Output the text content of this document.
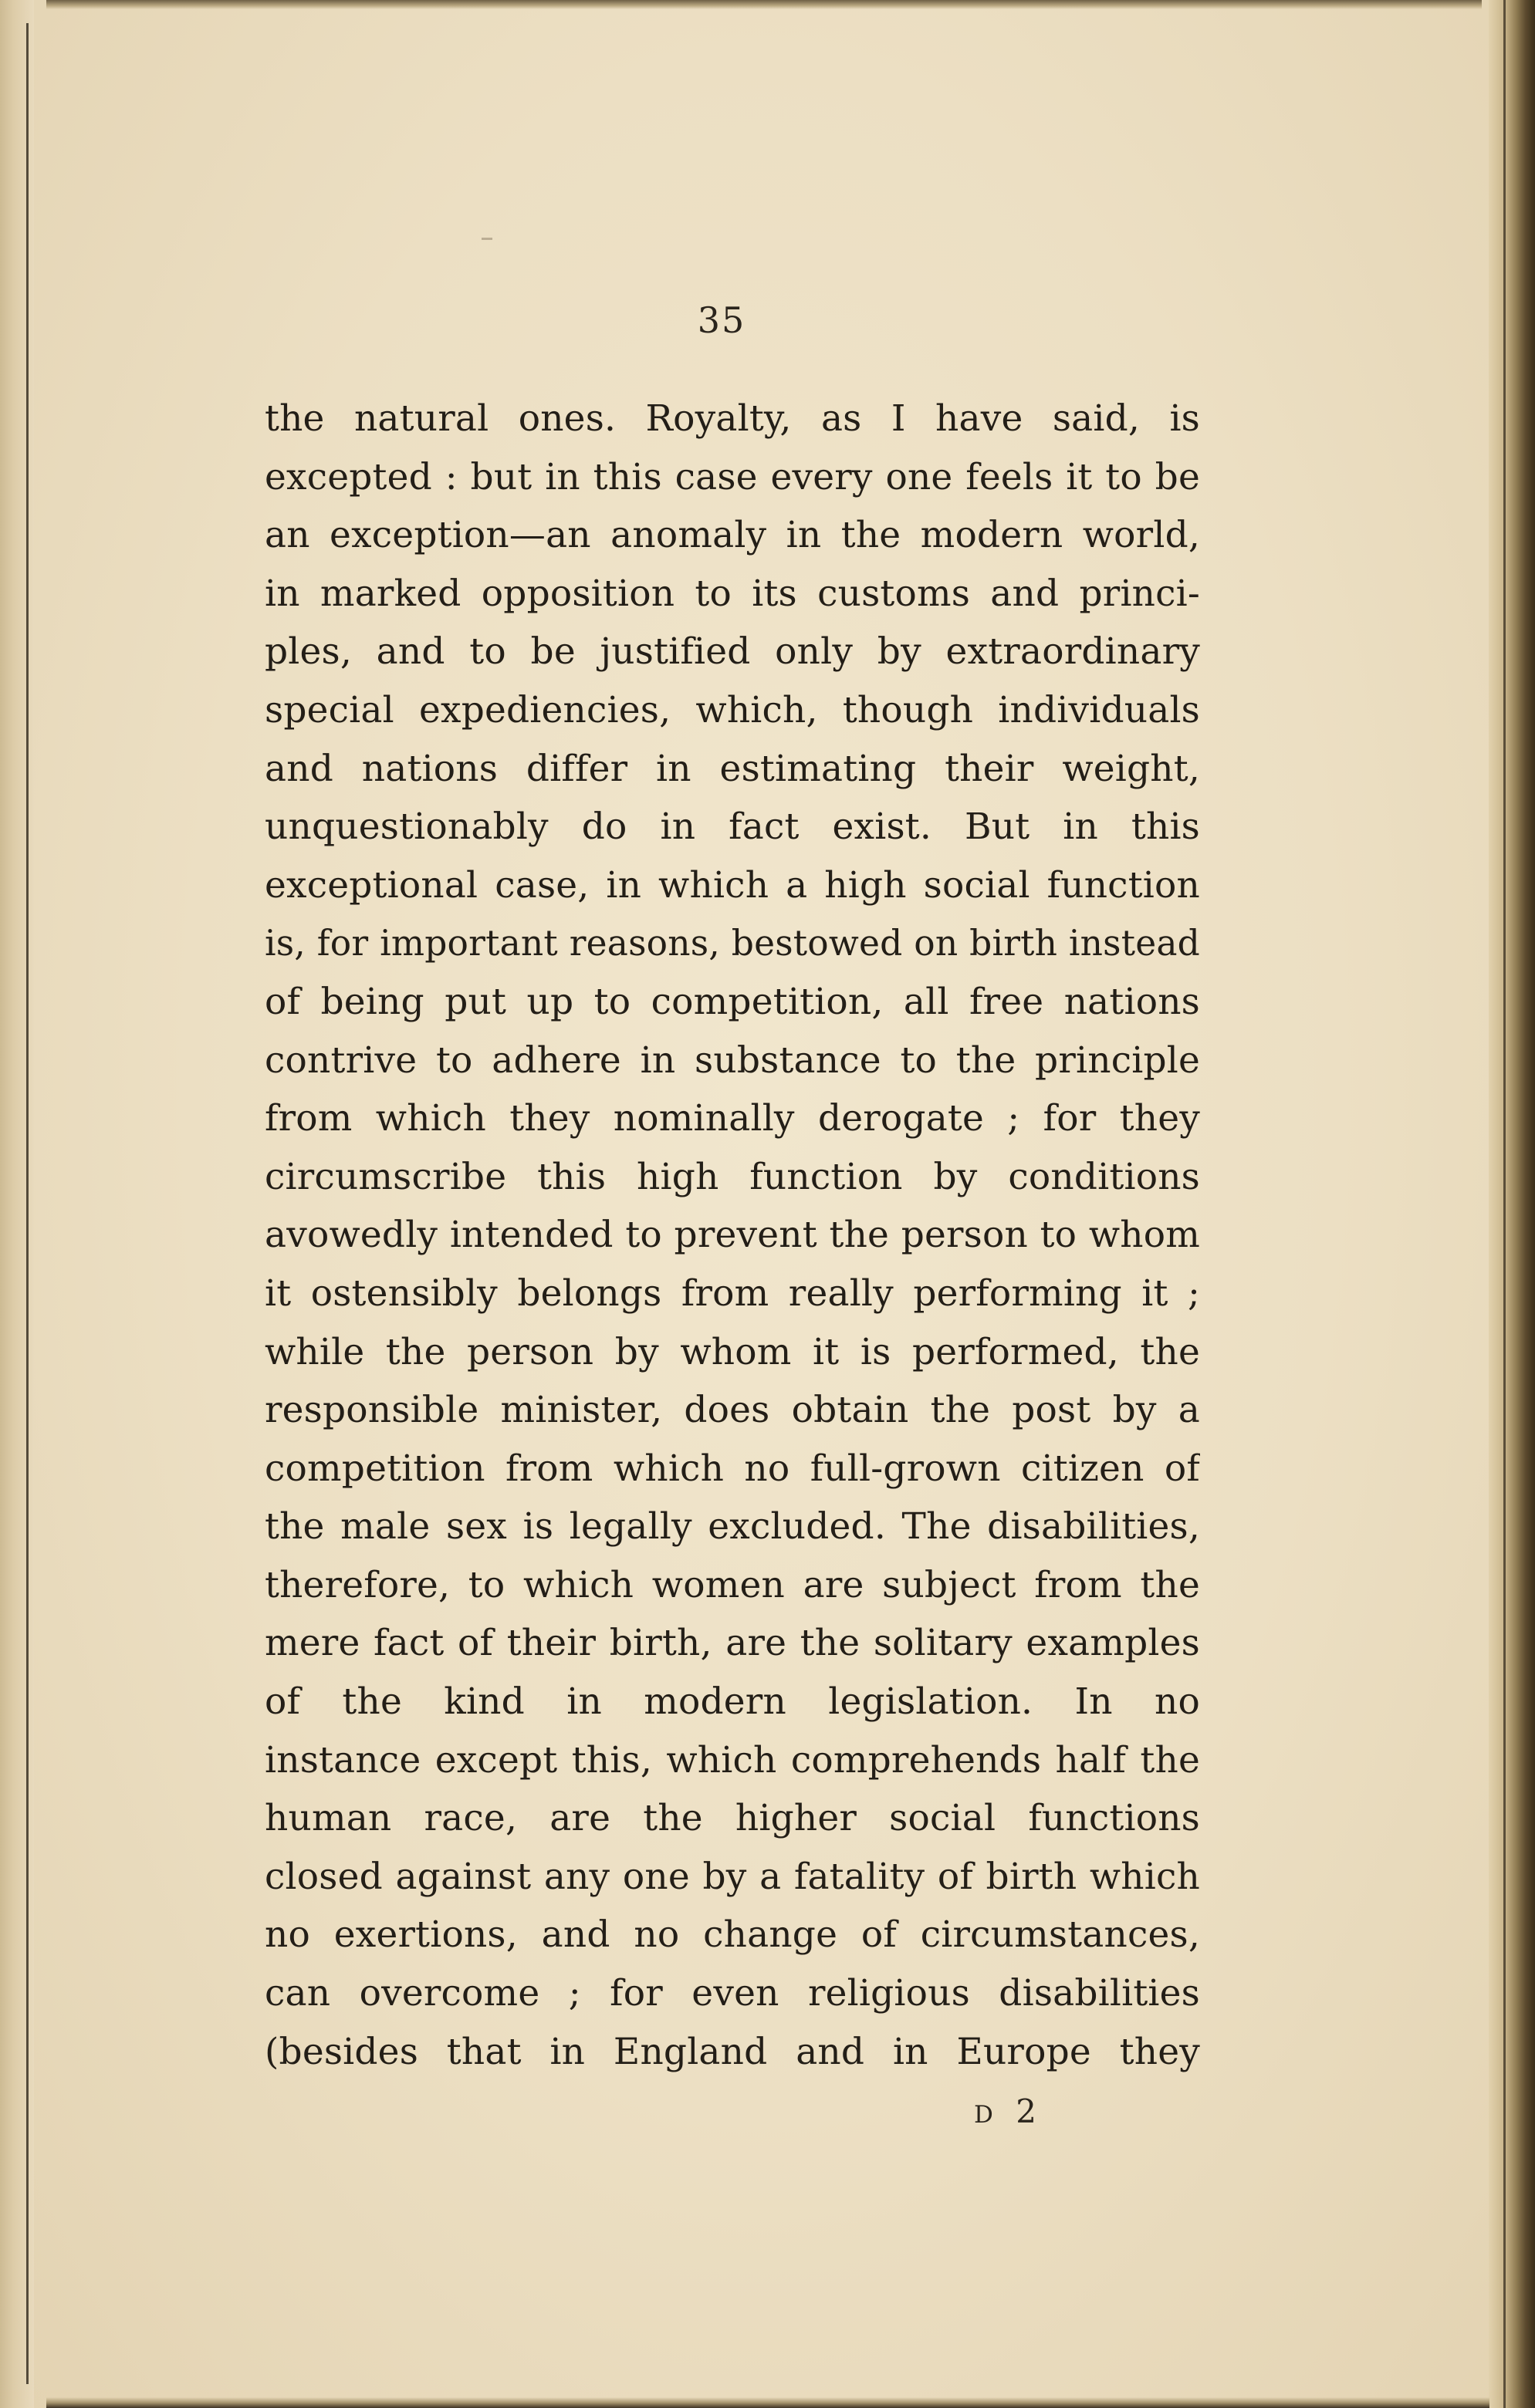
35
the natural ones. Royalty, as I have said, is
excepted : but in this case every one feels it to be
an exception—an anomaly in the modern world,
in marked opposition to its customs and princi-
ples, and to be justified only by extraordinary
special expediencies, which, though individuals
and nations differ in estimating their weight,
unquestionably do in fact exist. But in this
exceptional case, in which a high social function
is, for important reasons, bestowed on birth instead
of being put up to competition, all free nations
contrive to adhere in substance to the principle
from which they nominally derogate ; for they
circumscribe this high function by conditions
avowedly intended to prevent the person to whom
it ostensibly belongs from really performing it ;
while the person by whom it is performed, the
responsible minister, does obtain the post by a
competition from which no full-grown citizen of
the male sex is legally excluded. The disabilities,
therefore, to which women are subject from the
mere fact of their birth, are the solitary examples
of the kind in modern legislation. In no
instance except this, which comprehends half the
human race, are the higher social functions
closed against any one by a fatality of birth which
no exertions, and no change of circumstances,
can overcome ; for even religious disabilities
(besides that in England and in Europe they
D 2
